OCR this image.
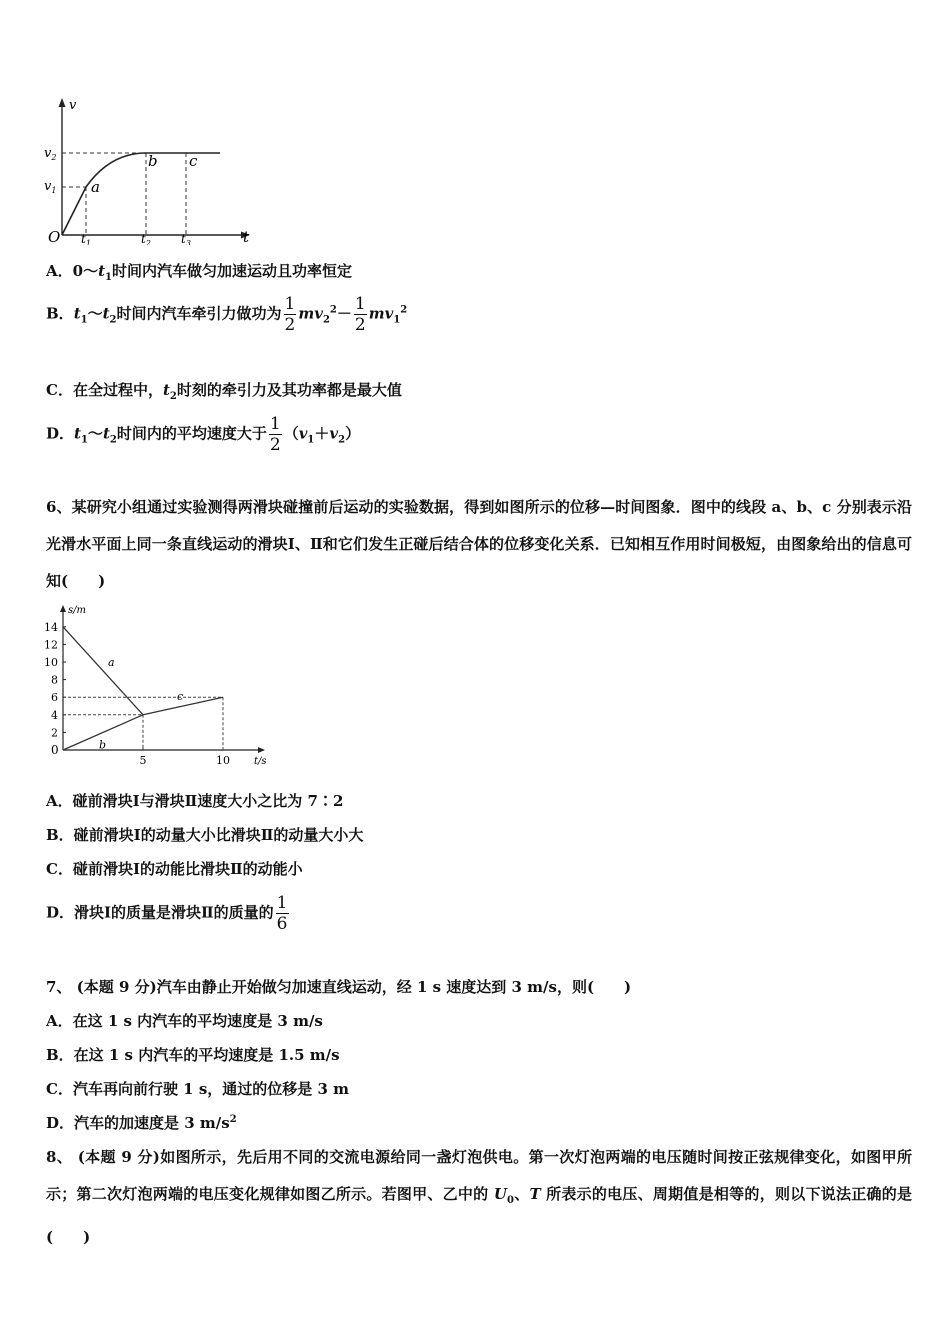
v
t
O
$v_2$
$v_1$
$t_1$	$t_2$	$t_3$
a
b c
A．$0\sim t_1$时间内汽车做匀加速运动且功率恒定
B．$t_1\sim t_2$时间内汽车牵引力做功为 $\frac{1}{2} mv_2^2- \frac{1}{2} mv_1^2$
C．在全过程中，$t_2$时刻的牵引力及其功率都是最大值
D．$t_1\sim t_2$时间内的平均速度大于 $\frac{1}{2} (v_1+v_2)$
6、某研究小组通过实验测得两滑块碰撞前后运动的实验数据，得到如图所示的位移—时间图象．图中的线段 a、b、c 分别表示沿光滑水平面上同一条直线运动的滑块Ⅰ、Ⅱ和它们发生正碰后结合体的位移变化关系．已知相互作用时间极短，由图象给出的信息可知(　　)
14
12
10
8
6
4
2
5	10
a
b
c
s/m
t/s
0
A．碰前滑块Ⅰ与滑块Ⅱ速度大小之比为 7∶2
B．碰前滑块Ⅰ的动量大小比滑块Ⅱ的动量大小大
C．碰前滑块Ⅰ的动能比滑块Ⅱ的动能小
D．滑块Ⅰ的质量是滑块Ⅱ的质量的 $\frac{1}{6}$
7、 (本题 9 分)汽车由静止开始做匀加速直线运动，经 1 s 速度达到 3 m/s，则(　　)
A．在这 1 s 内汽车的平均速度是 3 m/s
B．在这 1 s 内汽车的平均速度是 1.5 m/s
C．汽车再向前行驶 1 s，通过的位移是 3 m
D．汽车的加速度是 3 $m/s^2$
8、 (本题 9 分)如图所示，先后用不同的交流电源给同一盏灯泡供电。第一次灯泡两端的电压随时间按正弦规律变化，如图甲所示；第二次灯泡两端的电压变化规律如图乙所示。若图甲、乙中的 $U_0$、T 所表示的电压、周期值是相等的，则以下说法正确的是(　　)
